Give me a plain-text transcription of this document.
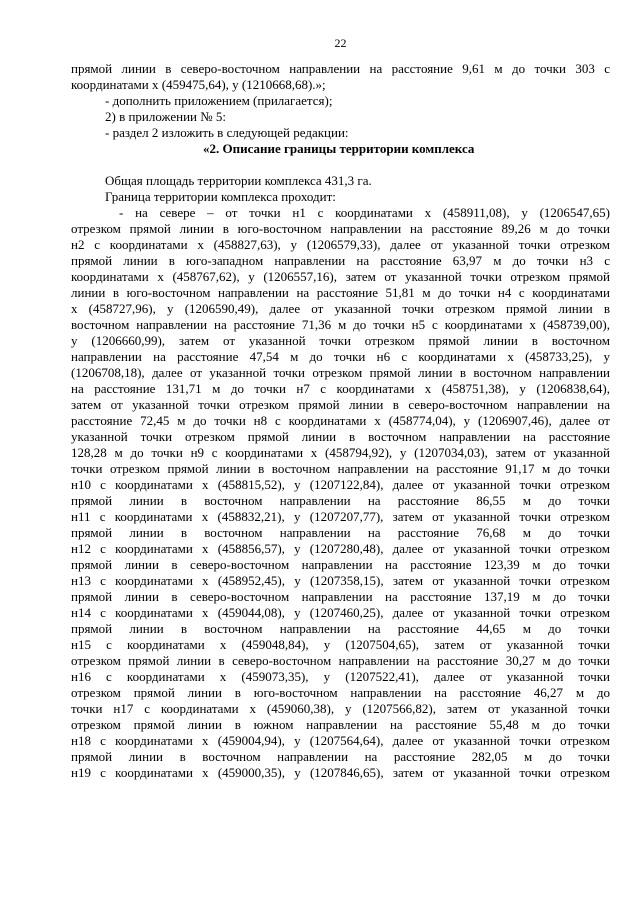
22

прямой линии в северо-восточном направлении на расстояние 9,61 м до точки 303 с

координатами х (459475,64), у (1210668,68).»;

- дополнить приложением (прилагается);

2) в приложении № 5:

- раздел 2 изложить в следующей редакции:

«2. Описание границы территории комплекса

Общая площадь территории комплекса 431,3 га.

Граница территории комплекса проходит:

- на севере – от точки н1 с координатами х (458911,08), у (1206547,65)

отрезком прямой линии в юго-восточном направлении на расстояние 89,26 м до точки

н2 с координатами х (458827,63), у (1206579,33), далее от указанной точки отрезком

прямой линии в юго-западном направлении на расстояние 63,97 м до точки н3 с

координатами х (458767,62), у (1206557,16), затем от указанной точки отрезком прямой

линии в юго-восточном направлении на расстояние 51,81 м до точки н4 с координатами

х (458727,96), у (1206590,49), далее от указанной точки отрезком прямой линии в

восточном направлении на расстояние 71,36 м до точки н5 с координатами х (458739,00),

у (1206660,99), затем от указанной точки отрезком прямой линии в восточном

направлении на расстояние 47,54 м до точки н6 с координатами х (458733,25), у

(1206708,18), далее от указанной точки отрезком прямой линии в восточном направлении

на расстояние 131,71 м до точки н7 с координатами х (458751,38), у (1206838,64),

затем от указанной точки отрезком прямой линии в северо-восточном направлении на

расстояние 72,45 м до точки н8 с координатами х (458774,04), у (1206907,46), далее от

указанной точки отрезком прямой линии в восточном направлении на расстояние

128,28 м до точки н9 с координатами х (458794,92), у (1207034,03), затем от указанной

точки отрезком прямой линии в восточном направлении на расстояние 91,17 м до точки

н10 с координатами х (458815,52), у (1207122,84), далее от указанной точки отрезком

прямой линии в восточном направлении на расстояние 86,55 м до точки

н11 с координатами х (458832,21), у (1207207,77), затем от указанной точки отрезком

прямой линии в восточном направлении на расстояние 76,68 м до точки

н12 с координатами х (458856,57), у (1207280,48), далее от указанной точки отрезком

прямой линии в северо-восточном направлении на расстояние 123,39 м до точки

н13 с координатами х (458952,45), у (1207358,15), затем от указанной точки отрезком

прямой линии в северо-восточном направлении на расстояние 137,19 м до точки

н14 с координатами х (459044,08), у (1207460,25), далее от указанной точки отрезком

прямой линии в восточном направлении на расстояние 44,65 м до точки

н15 с координатами х (459048,84), у (1207504,65), затем от указанной точки

отрезком прямой линии в северо-восточном направлении на расстояние 30,27 м до точки

н16 с координатами х (459073,35), у (1207522,41), далее от указанной точки

отрезком прямой линии в юго-восточном направлении на расстояние 46,27 м до

точки н17 с координатами х (459060,38), у (1207566,82), затем от указанной точки

отрезком прямой линии в южном направлении на расстояние 55,48 м до точки

н18 с координатами х (459004,94), у (1207564,64), далее от указанной точки отрезком

прямой линии в восточном направлении на расстояние 282,05 м до точки

н19 с координатами х (459000,35), у (1207846,65), затем от указанной точки отрезком
